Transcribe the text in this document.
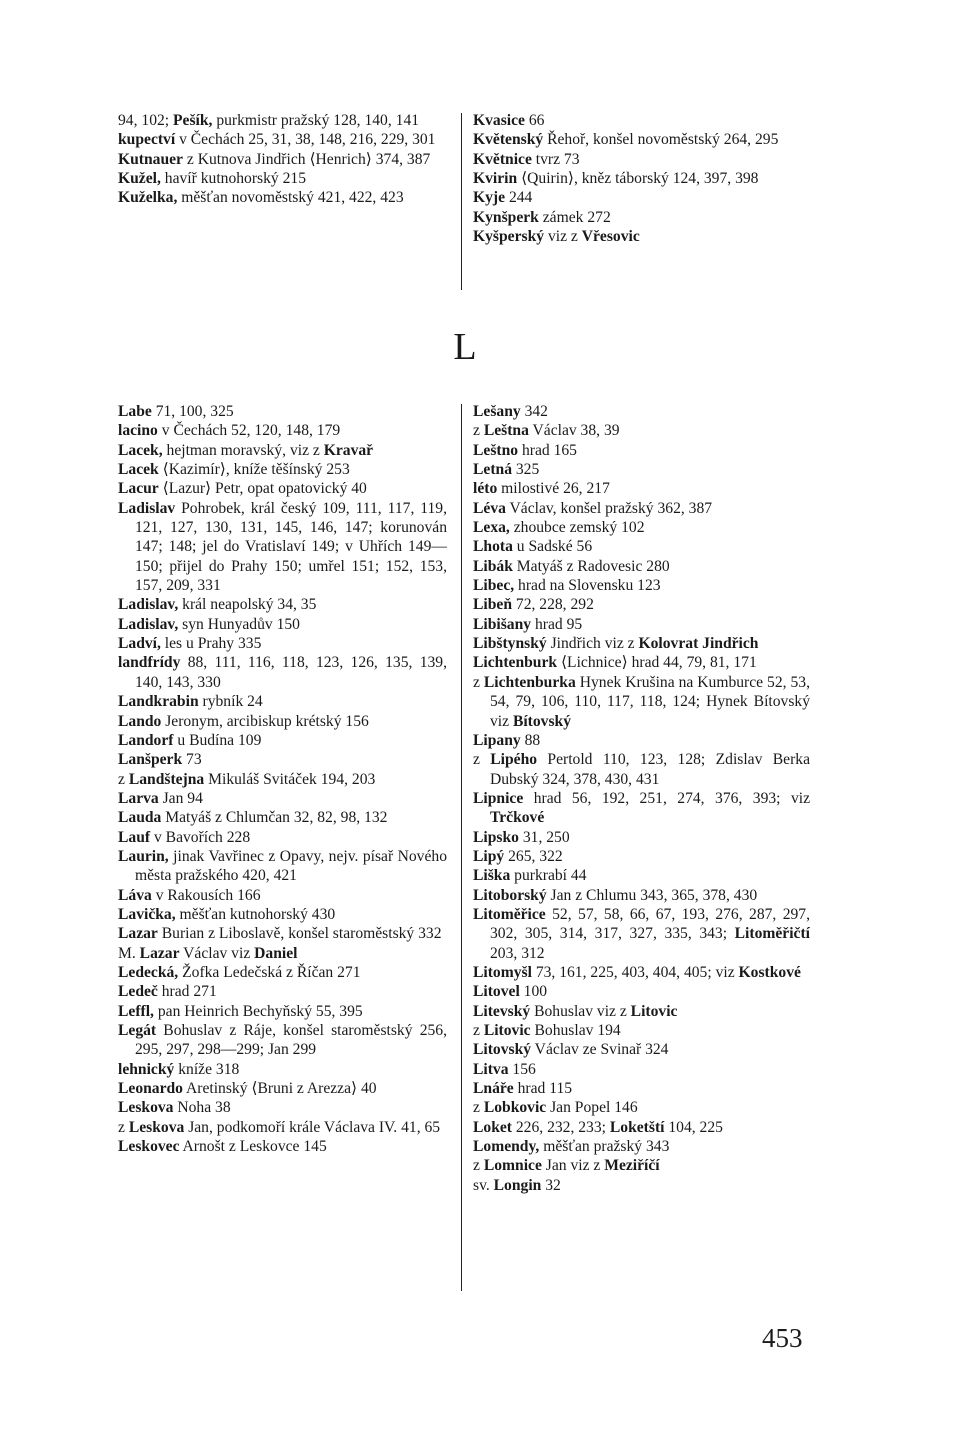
94, 102; Pešík, purkmistr pražský 128, 140, 141
kupectví v Čechách 25, 31, 38, 148, 216, 229, 301
Kutnauer z Kutnova Jindřich ⟨Henrich⟩ 374, 387
Kužel, havíř kutnohorský 215
Kuželka, měšťan novoměstský 421, 422, 423
Kvasice 66
Květenský Řehoř, konšel novoměstský 264, 295
Květnice tvrz 73
Kvirin ⟨Quirin⟩, kněz táborský 124, 397, 398
Kyje 244
Kynšperk zámek 272
Kyšperský viz z Vřesovic
L
Labe 71, 100, 325
lacino v Čechách 52, 120, 148, 179
Lacek, hejtman moravský, viz z Kravař
Lacek ⟨Kazimír⟩, kníže těšínský 253
Lacur ⟨Lazur⟩ Petr, opat opatovický 40
Ladislav Pohrobek, král český 109, 111, 117, 119, 121, 127, 130, 131, 145, 146, 147; korunován 147; 148; jel do Vratislaví 149; v Uhřích 149—150; přijel do Prahy 150; umřel 151; 152, 153, 157, 209, 331
Ladislav, král neapolský 34, 35
Ladislav, syn Hunyadův 150
Ladví, les u Prahy 335
landfrídy 88, 111, 116, 118, 123, 126, 135, 139, 140, 143, 330
Landkrabin rybník 24
Lando Jeronym, arcibiskup krétský 156
Landorf u Budína 109
Lanšperk 73
z Landštejna Mikuláš Svitáček 194, 203
Larva Jan 94
Lauda Matyáš z Chlumčan 32, 82, 98, 132
Lauf v Bavořích 228
Laurin, jinak Vavřinec z Opavy, nejv. písař Nového města pražského 420, 421
Láva v Rakousích 166
Lavička, měšťan kutnohorský 430
Lazar Burian z Liboslavě, konšel staroměstský 332
M. Lazar Václav viz Daniel
Ledecká, Žofka Ledečská z Říčan 271
Ledeč hrad 271
Leffl, pan Heinrich Bechyňský 55, 395
Legát Bohuslav z Ráje, konšel staroměstský 256, 295, 297, 298—299; Jan 299
lehnický kníže 318
Leonardo Aretinský ⟨Bruni z Arezza⟩ 40
Leskova Noha 38
z Leskova Jan, podkomoří krále Václava IV. 41, 65
Leskovec Arnošt z Leskovce 145
Lešany 342
z Leštna Václav 38, 39
Leštno hrad 165
Letná 325
léto milostivé 26, 217
Léva Václav, konšel pražský 362, 387
Lexa, zhoubce zemský 102
Lhota u Sadské 56
Libák Matyáš z Radovesic 280
Libec, hrad na Slovensku 123
Libeň 72, 228, 292
Libišany hrad 95
Libštynský Jindřich viz z Kolovrat Jindřich
Lichtenburk ⟨Lichnice⟩ hrad 44, 79, 81, 171
z Lichtenburka Hynek Krušina na Kumburce 52, 53, 54, 79, 106, 110, 117, 118, 124; Hynek Bítovský viz Bítovský
Lipany 88
z Lipého Pertold 110, 123, 128; Zdislav Berka Dubský 324, 378, 430, 431
Lipnice hrad 56, 192, 251, 274, 376, 393; viz Trčkové
Lipsko 31, 250
Lipý 265, 322
Liška purkrabí 44
Litoborský Jan z Chlumu 343, 365, 378, 430
Litoměřice 52, 57, 58, 66, 67, 193, 276, 287, 297, 302, 305, 314, 317, 327, 335, 343; Litoměřičtí 203, 312
Litomyšl 73, 161, 225, 403, 404, 405; viz Kostkové
Litovel 100
Litevský Bohuslav viz z Litovic
z Litovic Bohuslav 194
Litovský Václav ze Svinař 324
Litva 156
Lnáře hrad 115
z Lobkovic Jan Popel 146
Loket 226, 232, 233; Loketští 104, 225
Lomendy, měšťan pražský 343
z Lomnice Jan viz z Meziříčí
sv. Longin 32
453
